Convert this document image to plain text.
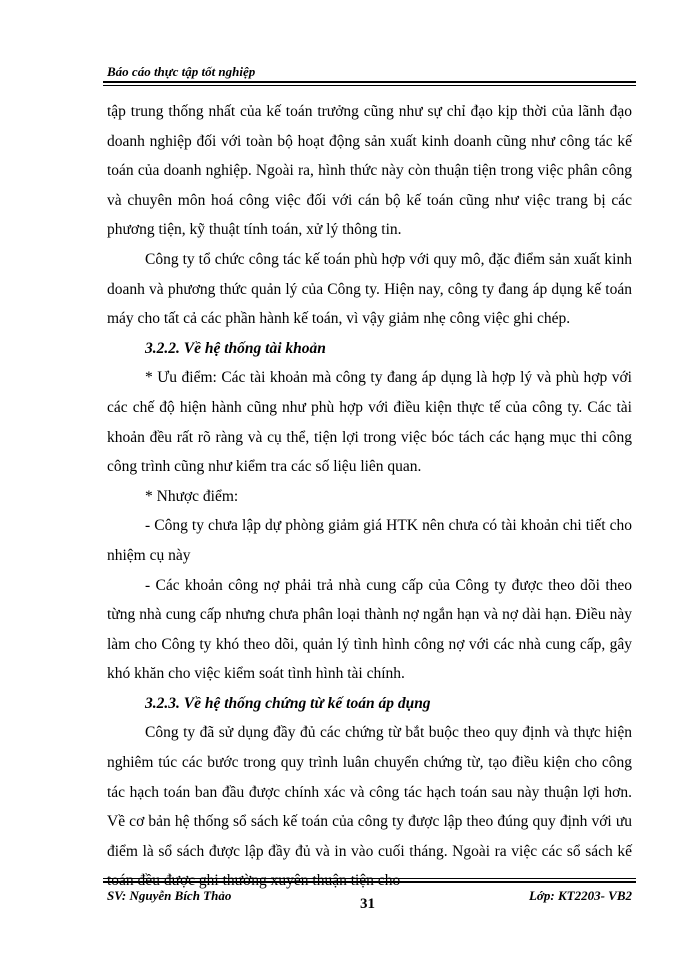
Báo cáo thực tập tốt nghiệp

tập trung thống nhất của kế toán trưởng cũng như sự chỉ đạo kịp thời của lãnh đạo doanh nghiệp đối với toàn bộ hoạt động sản xuất kinh doanh cũng như công tác kế toán của doanh nghiệp. Ngoài ra, hình thức này còn thuận tiện trong việc phân công và chuyên môn hoá công việc đối với cán bộ kế toán cũng như việc trang bị các phương tiện, kỹ thuật tính toán, xử lý thông tin.

Công ty tổ chức công tác kế toán phù hợp với quy mô, đặc điểm sản xuất kinh doanh và phương thức quản lý của Công ty. Hiện nay, công ty đang áp dụng kế toán máy cho tất cả các phần hành kế toán, vì vậy giảm nhẹ công việc ghi chép.

3.2.2. Về hệ thống tài khoản

* Ưu điểm: Các tài khoản mà công ty đang áp dụng là hợp lý và phù hợp với các chế độ hiện hành cũng như phù hợp với điều kiện thực tế của công ty. Các tài khoản đều rất rõ ràng và cụ thể, tiện lợi trong việc bóc tách các hạng mục thi công công trình cũng như kiểm tra các số liệu liên quan.

* Nhược điểm:

- Công ty chưa lập dự phòng giảm giá HTK nên chưa có tài khoản chi tiết cho nhiệm cụ này

- Các khoản công nợ phải trả nhà cung cấp của Công ty được theo dõi theo từng nhà cung cấp nhưng chưa phân loại thành nợ ngắn hạn và nợ dài hạn. Điều này làm cho Công ty khó theo dõi, quản lý tình hình công nợ với các nhà cung cấp, gây khó khăn cho việc kiểm soát tình hình tài chính.

3.2.3. Về hệ thống chứng từ kế toán áp dụng

Công ty đã sử dụng đầy đủ các chứng từ bắt buộc theo quy định và thực hiện nghiêm túc các bước trong quy trình luân chuyển chứng từ, tạo điều kiện cho công tác hạch toán ban đầu được chính xác và công tác hạch toán sau này thuận lợi hơn. Về cơ bản hệ thống sổ sách kế toán của công ty được lập theo đúng quy định với ưu điểm là sổ sách được lập đầy đủ và in vào cuối tháng. Ngoài ra việc các sổ sách kế

SV: Nguyễn Bích Thảo
31
Lớp: KT2203- VB2
